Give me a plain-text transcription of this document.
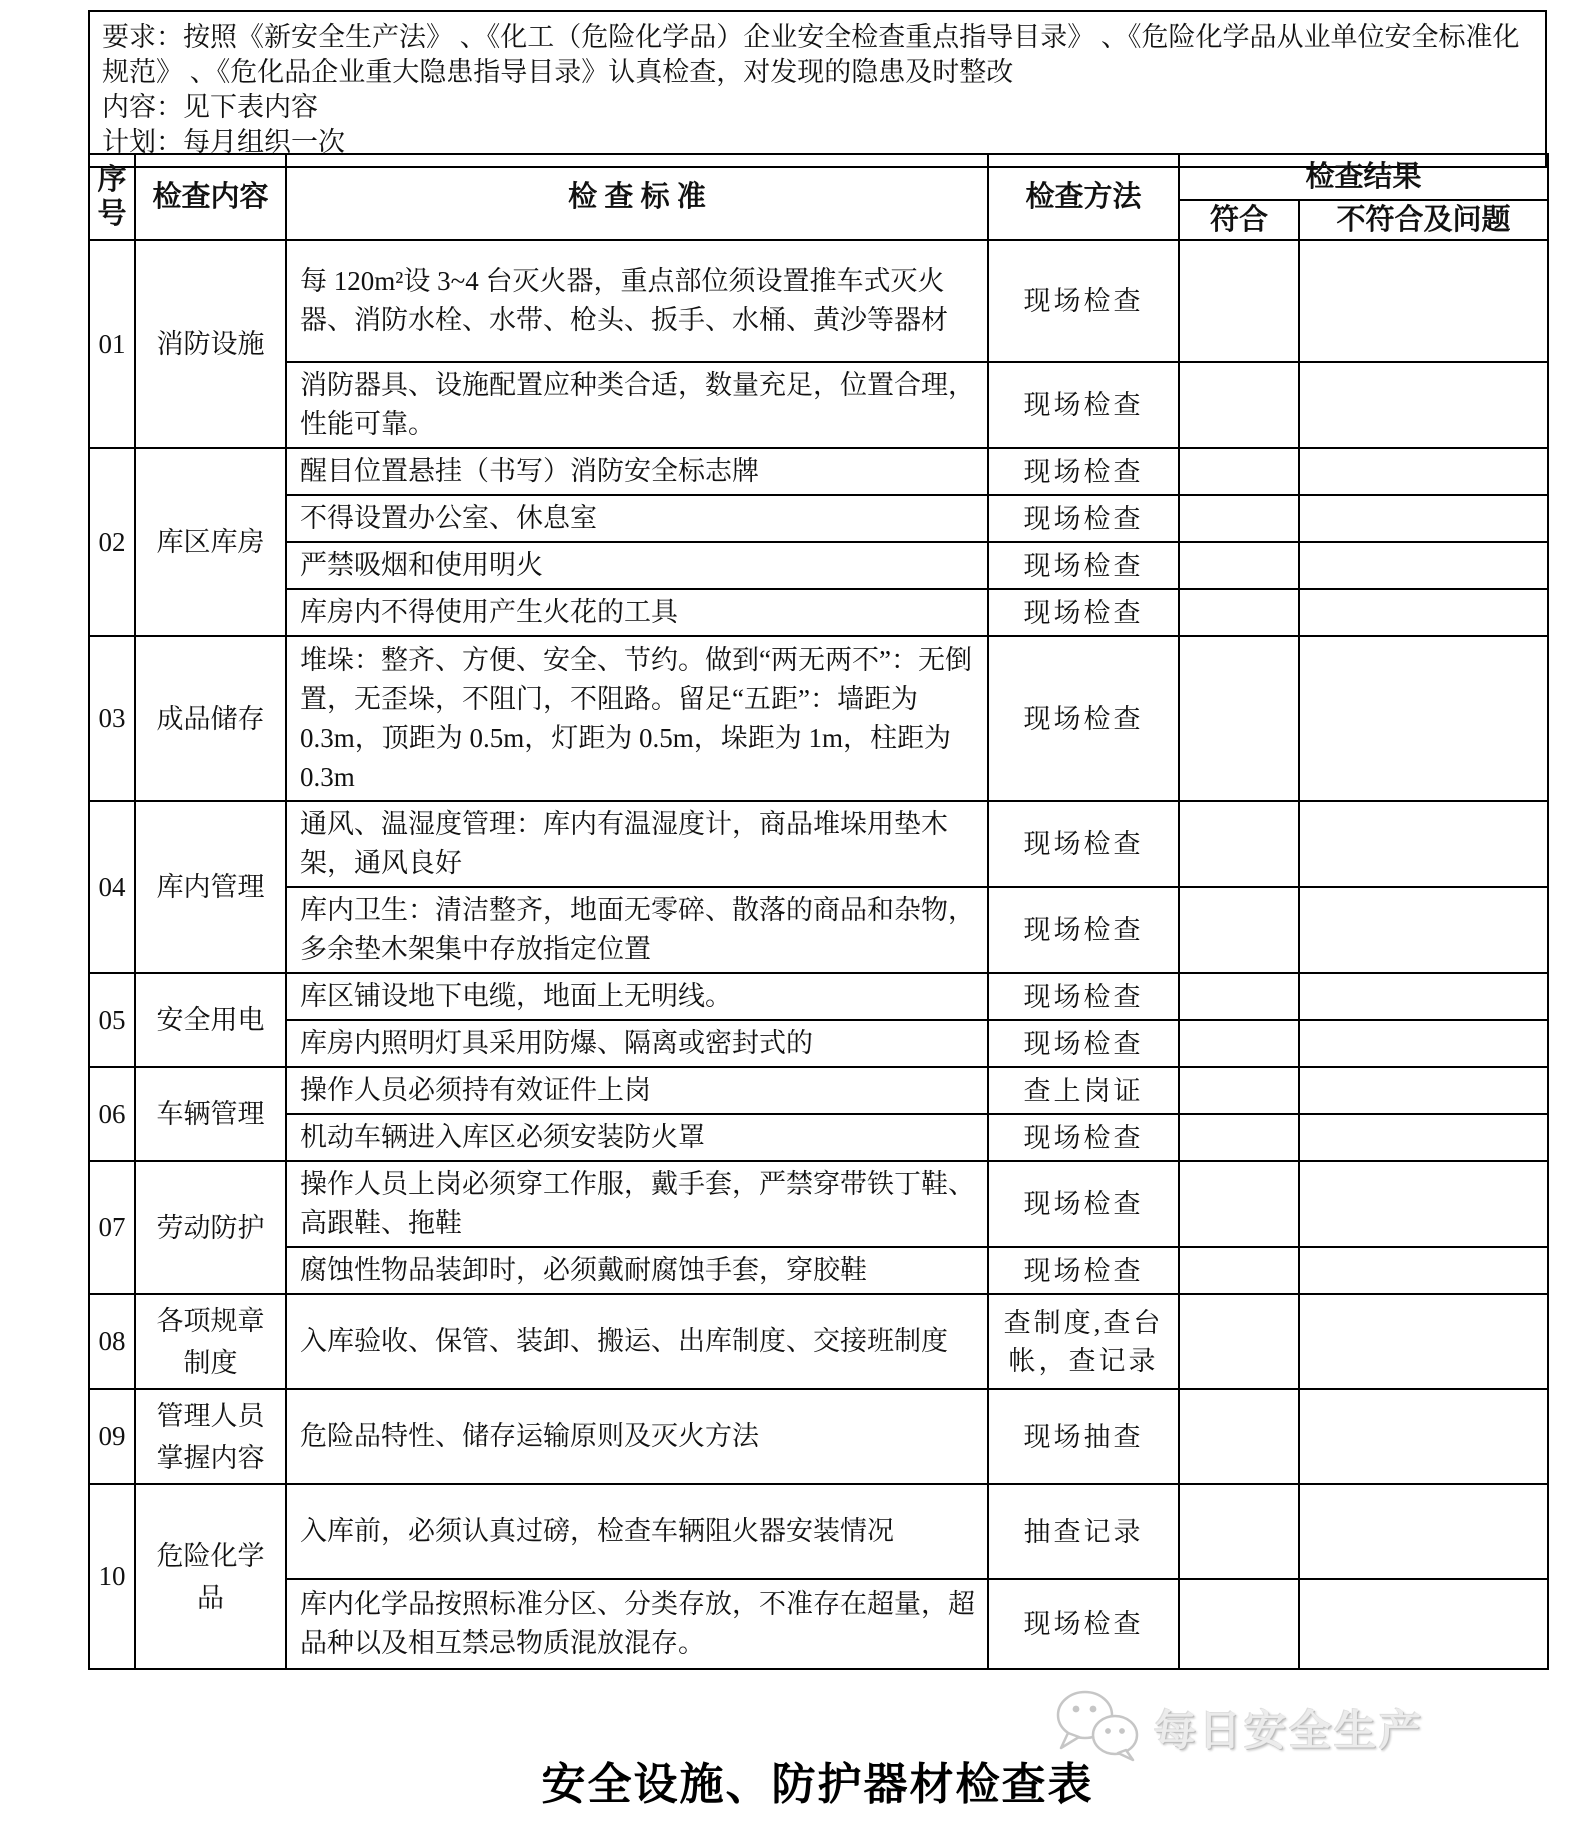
要求：按照《新安全生产法》 、《化工（危险化学品）企业安全检查重点指导目录》 、《危险化学品从业单位安全标准化规范》 、《危化品企业重大隐患指导目录》认真检查，对发现的隐患及时整改
内容：见下表内容
计划：每月组织一次
序号	检查内容	检 查 标 准	检查方法	检查结果	
				符合	不符合及问题
01	消防设施	每 120m²设 3~4 台灭火器，重点部位须设置推车式灭火器、消防水栓、水带、枪头、扳手、水桶、黄沙等器材	现场检查		
		消防器具、设施配置应种类合适，数量充足，位置合理，性能可靠。	现场检查		
02	库区库房	醒目位置悬挂（书写）消防安全标志牌	现场检查		
		不得设置办公室、休息室	现场检查		
		严禁吸烟和使用明火	现场检查		
		库房内不得使用产生火花的工具	现场检查		
03	成品储存	堆垛：整齐、方便、安全、节约。做到“两无两不”：无倒置，无歪垛，不阻门，不阻路。留足“五距”：墙距为 0.3m，顶距为 0.5m，灯距为 0.5m，垛距为 1m，柱距为 0.3m	现场检查		
04	库内管理	通风、温湿度管理：库内有温湿度计，商品堆垛用垫木架，通风良好	现场检查		
		库内卫生：清洁整齐，地面无零碎、散落的商品和杂物，多余垫木架集中存放指定位置	现场检查		
05	安全用电	库区铺设地下电缆，地面上无明线。	现场检查		
		库房内照明灯具采用防爆、隔离或密封式的	现场检查		
06	车辆管理	操作人员必须持有效证件上岗	查上岗证		
		机动车辆进入库区必须安装防火罩	现场检查		
07	劳动防护	操作人员上岗必须穿工作服，戴手套，严禁穿带铁丁鞋、高跟鞋、拖鞋	现场检查		
		腐蚀性物品装卸时，必须戴耐腐蚀手套，穿胶鞋	现场检查		
08	各项规章制度	入库验收、保管、装卸、搬运、出库制度、交接班制度	查制度,查台帐，查记录		
09	管理人员掌握内容	危险品特性、储存运输原则及灭火方法	现场抽查		
10	危险化学品	入库前，必须认真过磅，检查车辆阻火器安装情况	抽查记录		
		库内化学品按照标准分区、分类存放，不准存在超量，超品种以及相互禁忌物质混放混存。	现场检查		
每日安全生产
安全设施、防护器材检查表
